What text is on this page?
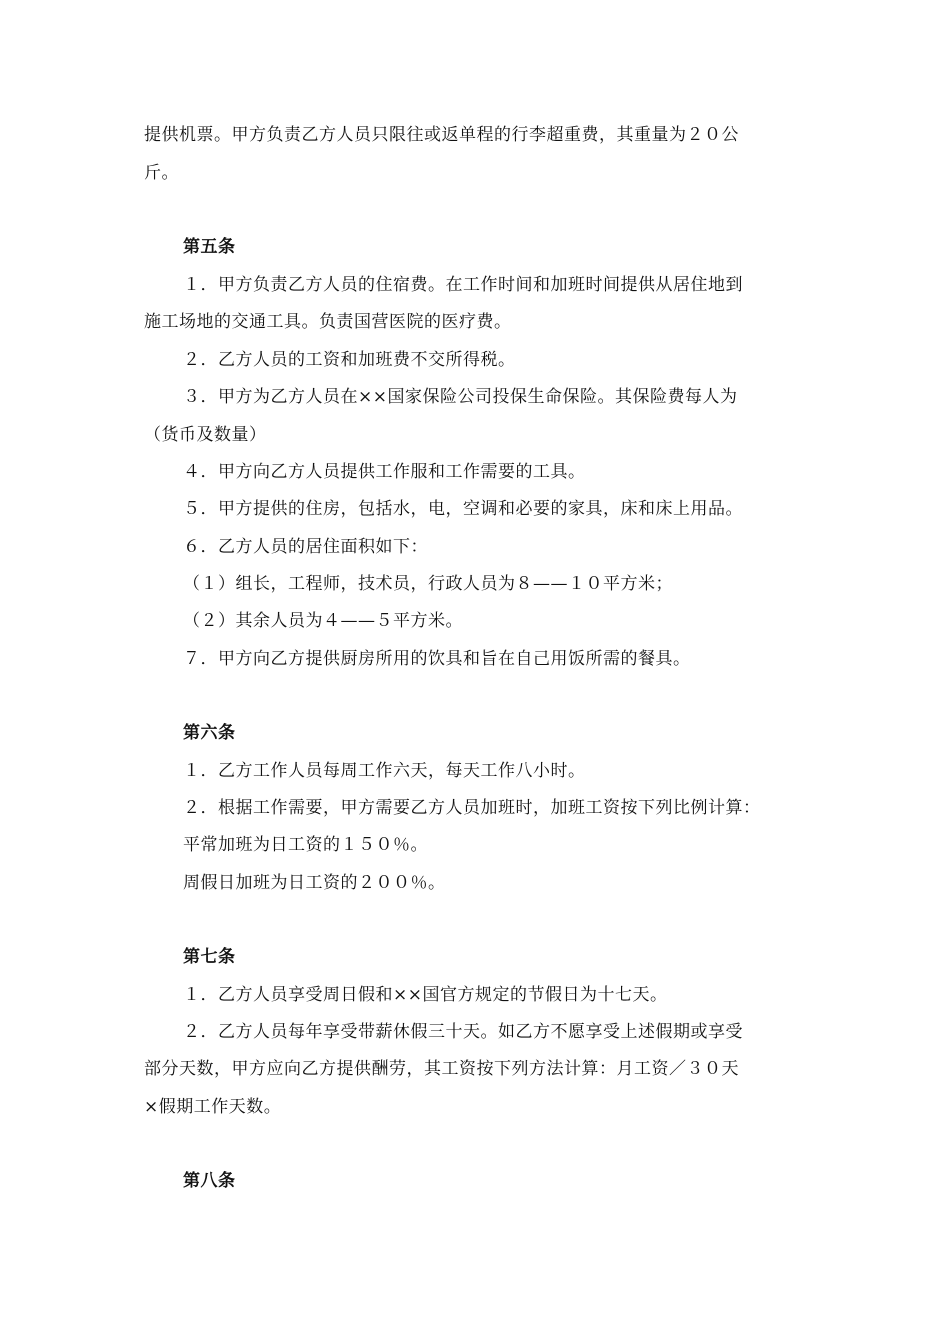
提供机票。甲方负责乙方人员只限往或返单程的行李超重费，其重量为２０公
斤。
第五条
１．甲方负责乙方人员的住宿费。在工作时间和加班时间提供从居住地到
施工场地的交通工具。负责国营医院的医疗费。
２．乙方人员的工资和加班费不交所得税。
３．甲方为乙方人员在××国家保险公司投保生命保险。其保险费每人为
（货币及数量）
４．甲方向乙方人员提供工作服和工作需要的工具。
５．甲方提供的住房，包括水，电，空调和必要的家具，床和床上用品。
６．乙方人员的居住面积如下：
（１）组长，工程师，技术员，行政人员为８——１０平方米；
（２）其余人员为４——５平方米。
７．甲方向乙方提供厨房所用的饮具和旨在自己用饭所需的餐具。
第六条
１．乙方工作人员每周工作六天，每天工作八小时。
２．根据工作需要，甲方需要乙方人员加班时，加班工资按下列比例计算：
平常加班为日工资的１５０％。
周假日加班为日工资的２００％。
第七条
１．乙方人员享受周日假和××国官方规定的节假日为十七天。
２．乙方人员每年享受带薪休假三十天。如乙方不愿享受上述假期或享受
部分天数，甲方应向乙方提供酬劳，其工资按下列方法计算：月工资／３０天
×假期工作天数。
第八条
